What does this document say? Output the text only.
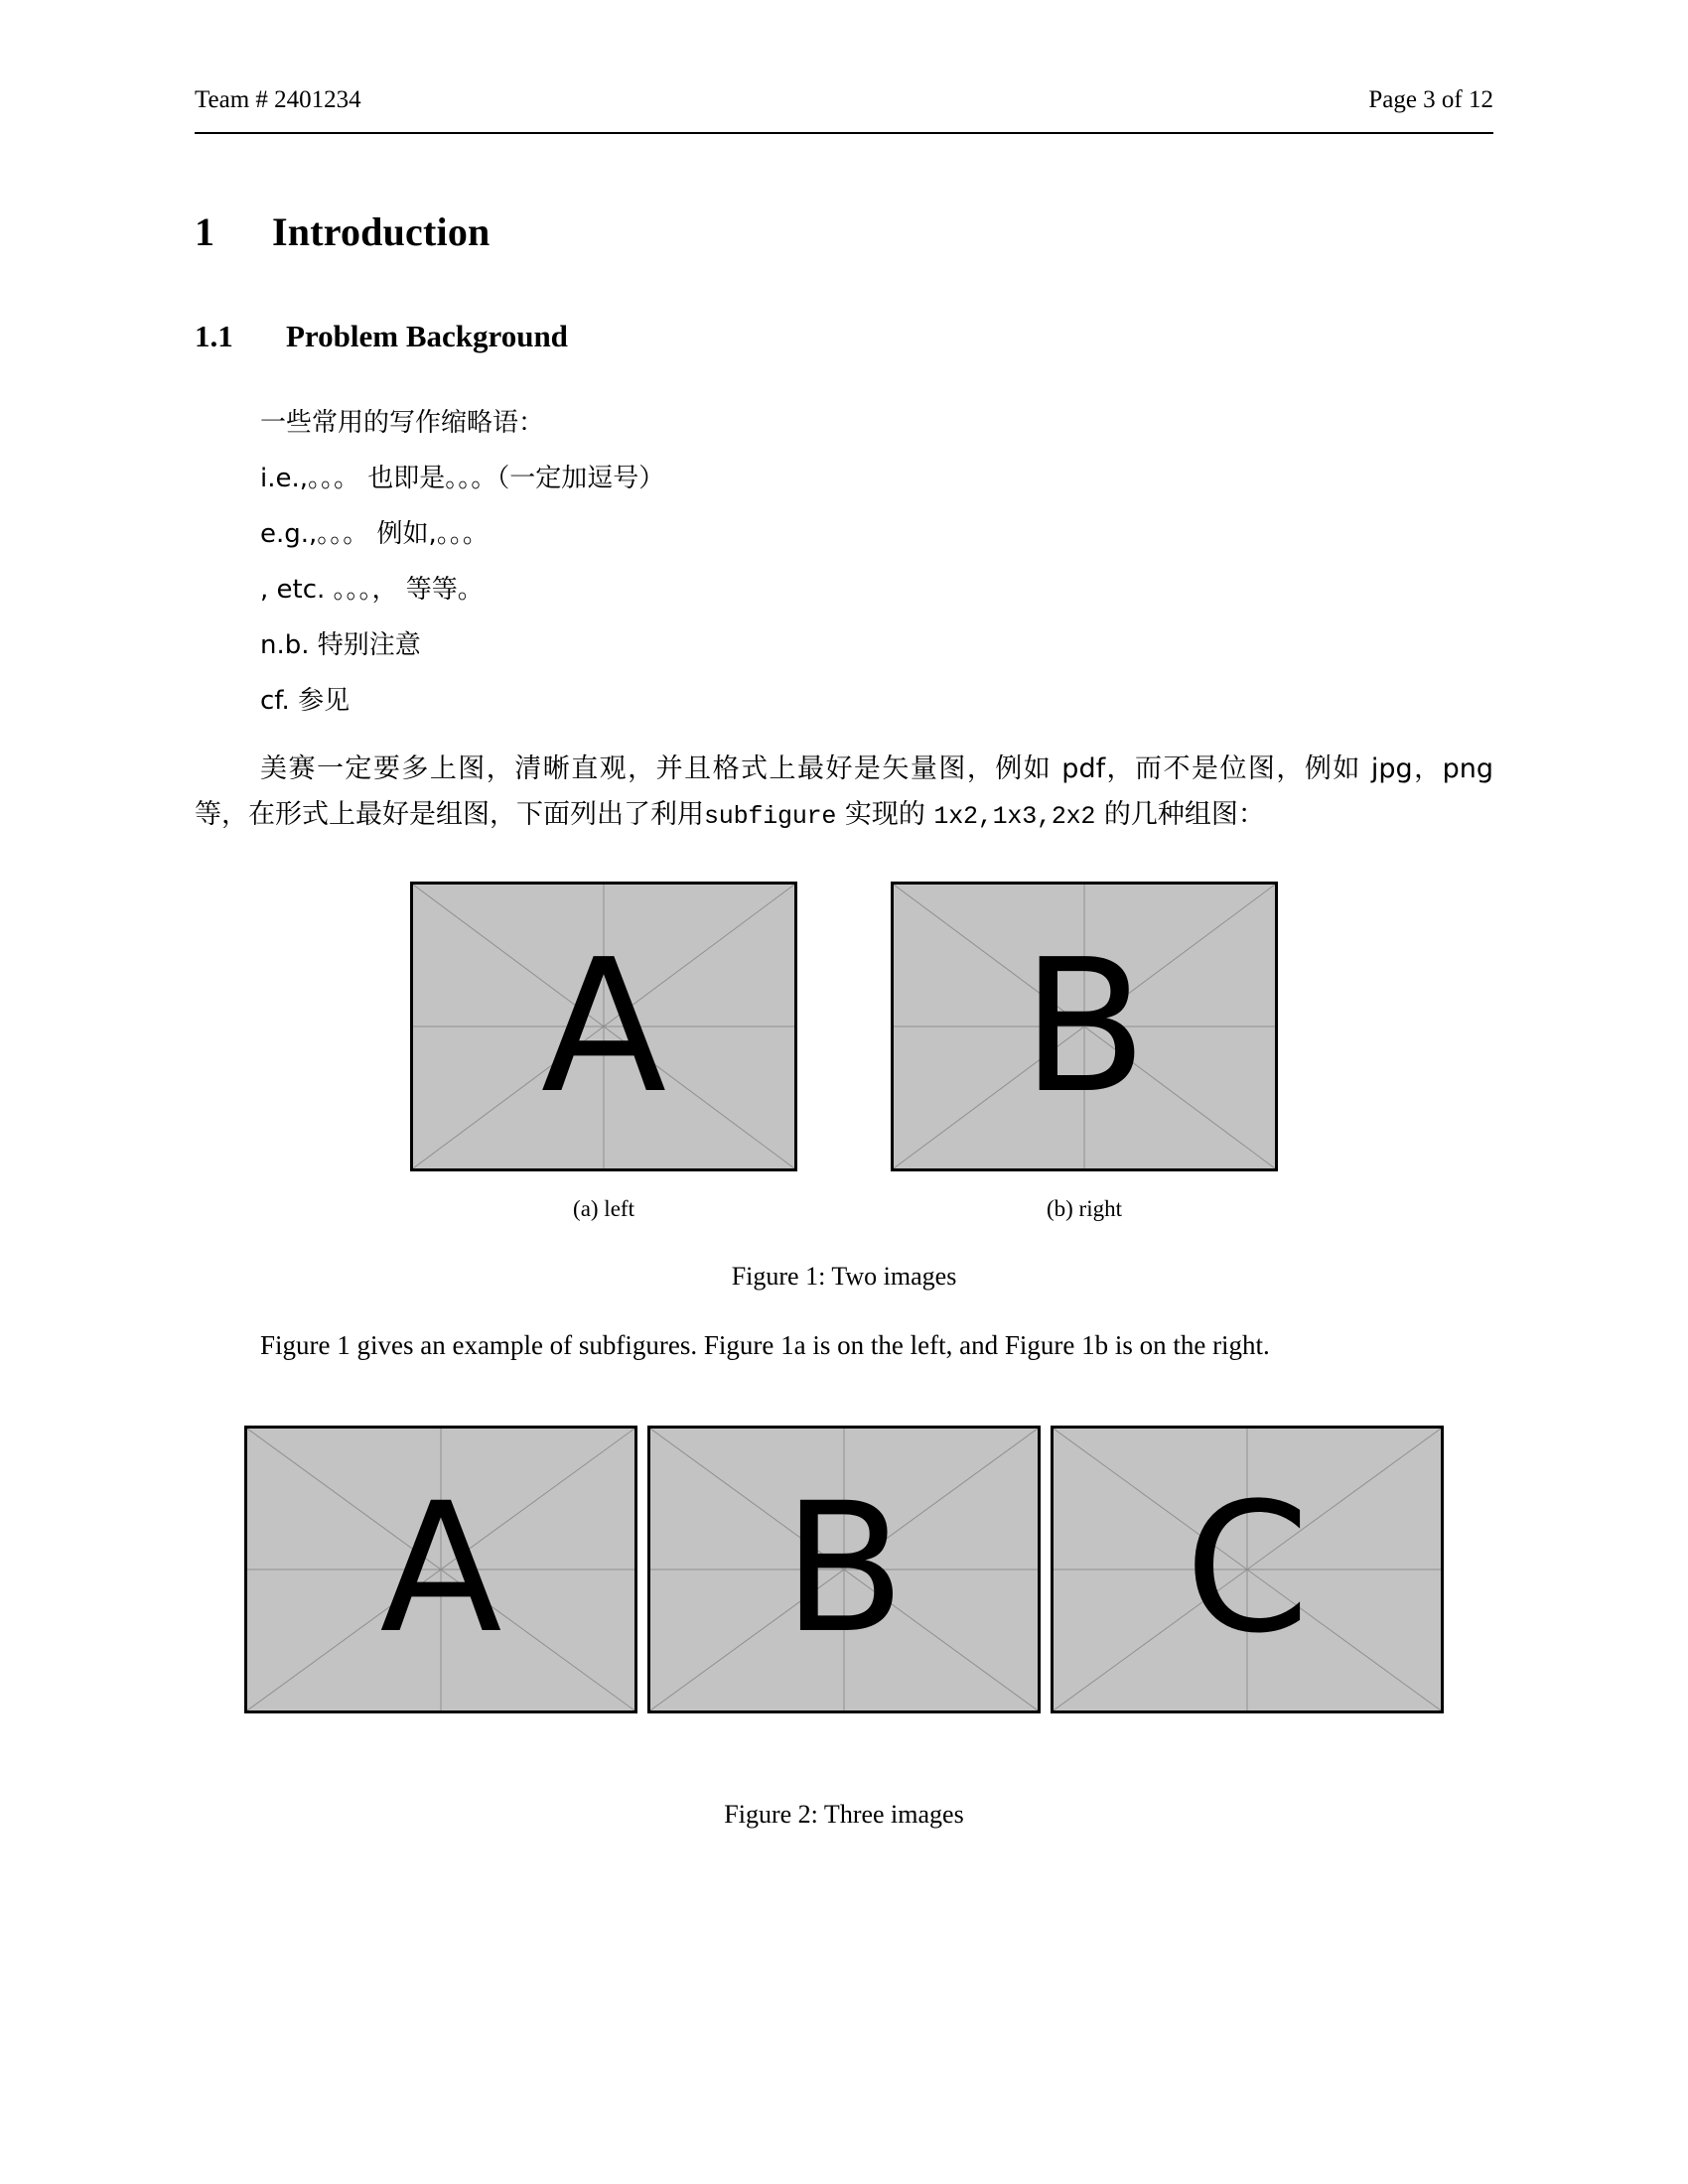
Team # 2401234	Page 3 of 12
1 Introduction
1.1 Problem Background

一些常用的写作缩略语：

i.e.,。。。 也即是。。。（一定加逗号）

e.g.,。。。 例如,。。。

, etc. 。。。， 等等。

n.b. 特别注意

cf. 参见

美赛一定要多上图，清晰直观，并且格式上最好是矢量图，例如 pdf，而不是位图，例如 jpg，png 等，在形式上最好是组图，下面列出了利用subfigure 实现的 1x2,1x3,2x2 的几种组图：

A
(a) left
B
(b) right
Figure 1: Two images

Figure 1 gives an example of subfigures. Figure 1a is on the left, and Figure 1b is on the right.

A	B	C
Figure 2: Three images
